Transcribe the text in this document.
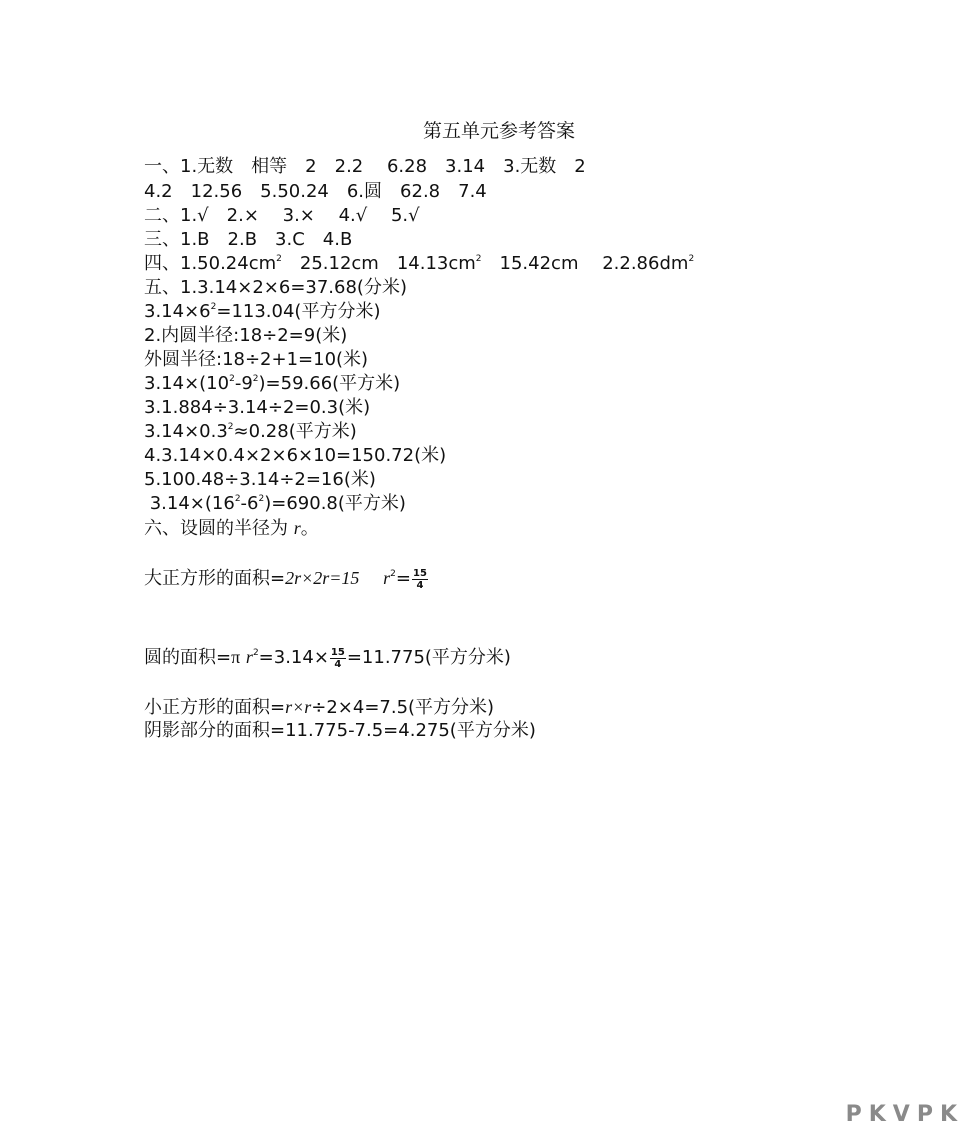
第五单元参考答案
一、1.无数　相等　2　2.2　 6.28　3.14　3.无数　2
4.2　12.56　5.50.24　6.圆　62.8　7.4
二、1.√　2.×　 3.×　 4.√　 5.√
三、1.B　2.B　3.C　4.B
四、$1.50.24cm^2$　 25.12cm　$14.13cm^2$　 15.42cm　 $2.2.86dm^2$
五、1.3.14×2×6=37.68(分米)
$3.14\times 6^2=113.04$(平方分米)
2.内圆半径:18÷2=9(米)
外圆半径:18÷2+1=10(米)
$3.14\times(10^2-9^2)=59.66$(平方米)
3.1.884÷3.14÷2=0.3(米)
$3.14\times 0.3^2\approx 0.28$(平方米)
4.3.14×0.4×2×6×10=150.72(米)
5.100.48÷3.14÷2=16(米)
$3.14\times(16^2-6^2)=690.8$(平方米)
六、设圆的半径为 r。
大正方形的面积=2r×2r=15　 $r^2= \frac{15}{4}$
圆的面积=π $r^2=3.14\times \frac{15}{4} =11.775$(平方分米)
小正方形的面积=r×r÷2×4=7.5(平方分米)
阴影部分的面积=11.775-7.5=4.275(平方分米)
PKVPK
